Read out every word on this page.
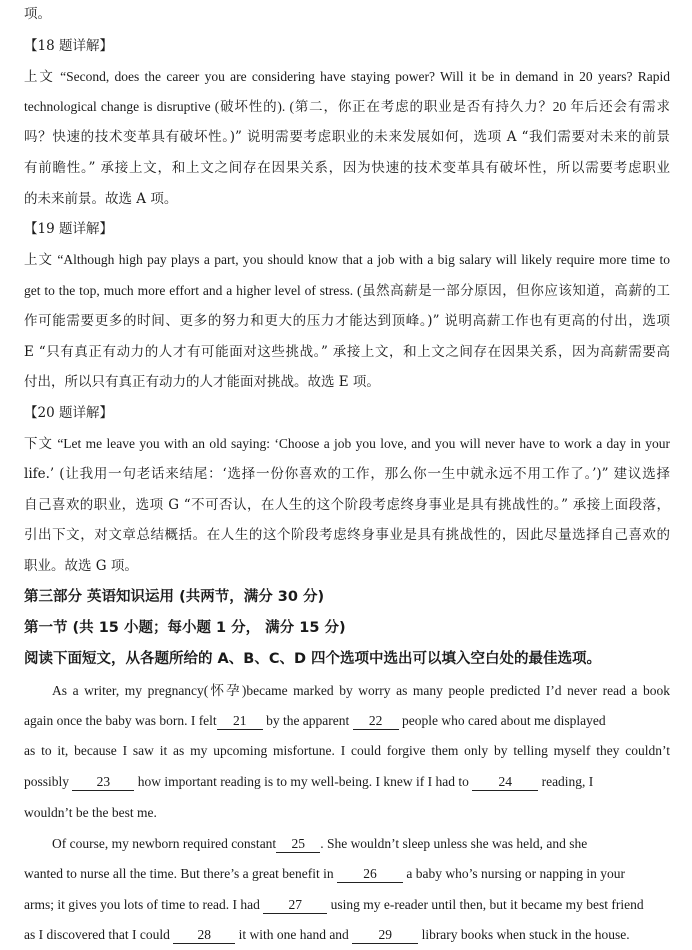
项。
【18 题详解】
上文 “Second, does the career you are considering have staying power? Will it be in demand in 20 years? Rapid
technological change is disruptive (破坏性的). (第二，你正在考虑的职业是否有持久力？20 年后还会有需求
吗？快速的技术变革具有破坏性。)” 说明需要考虑职业的未来发展如何，选项 A “我们需要对未来的前景
有前瞻性。” 承接上文，和上文之间存在因果关系，因为快速的技术变革具有破坏性，所以需要考虑职业
的未来前景。故选 A 项。
【19 题详解】
上文 “Although high pay plays a part, you should know that a job with a big salary will likely require more time to
get to the top, much more effort and a higher level of stress. (虽然高薪是一部分原因，但你应该知道，高薪的工
作可能需要更多的时间、更多的努力和更大的压力才能达到顶峰。)” 说明高薪工作也有更高的付出，选项
E “只有真正有动力的人才有可能面对这些挑战。” 承接上文，和上文之间存在因果关系，因为高薪需要高
付出，所以只有真正有动力的人才能面对挑战。故选 E 项。
【20 题详解】
下文 “Let me leave you with an old saying: ‘Choose a job you love, and you will never have to work a day in your
life.’ (让我用一句老话来结尾：‘选择一份你喜欢的工作，那么你一生中就永远不用工作了。’)” 建议选择
自己喜欢的职业，选项 G “不可否认，在人生的这个阶段考虑终身事业是具有挑战性的。” 承接上面段落，
引出下文，对文章总结概括。在人生的这个阶段考虑终身事业是具有挑战性的，因此尽量选择自己喜欢的
职业。故选 G 项。
第三部分 英语知识运用 (共两节，满分 30 分)
第一节 (共 15 小题；每小题 1 分， 满分 15 分)
阅读下面短文，从各题所给的 A、B、C、D 四个选项中选出可以填入空白处的最佳选项。
As a writer, my pregnancy(怀孕)became marked by worry as many people predicted I’d never read a book
again once the baby was born. I felt 21 by the apparent 22 people who cared about me displayed
as to it, because I saw it as my upcoming misfortune. I could forgive them only by telling myself they couldn’t
possibly 23 how important reading is to my well-being. I knew if I had to 24 reading, I
wouldn’t be the best me.
Of course, my newborn required constant 25 . She wouldn’t sleep unless she was held, and she
wanted to nurse all the time. But there’s a great benefit in 26 a baby who’s nursing or napping in your
arms; it gives you lots of time to read. I had 27 using my e-reader until then, but it became my best friend
as I discovered that I could 28 it with one hand and 29 library books when stuck in the house.
